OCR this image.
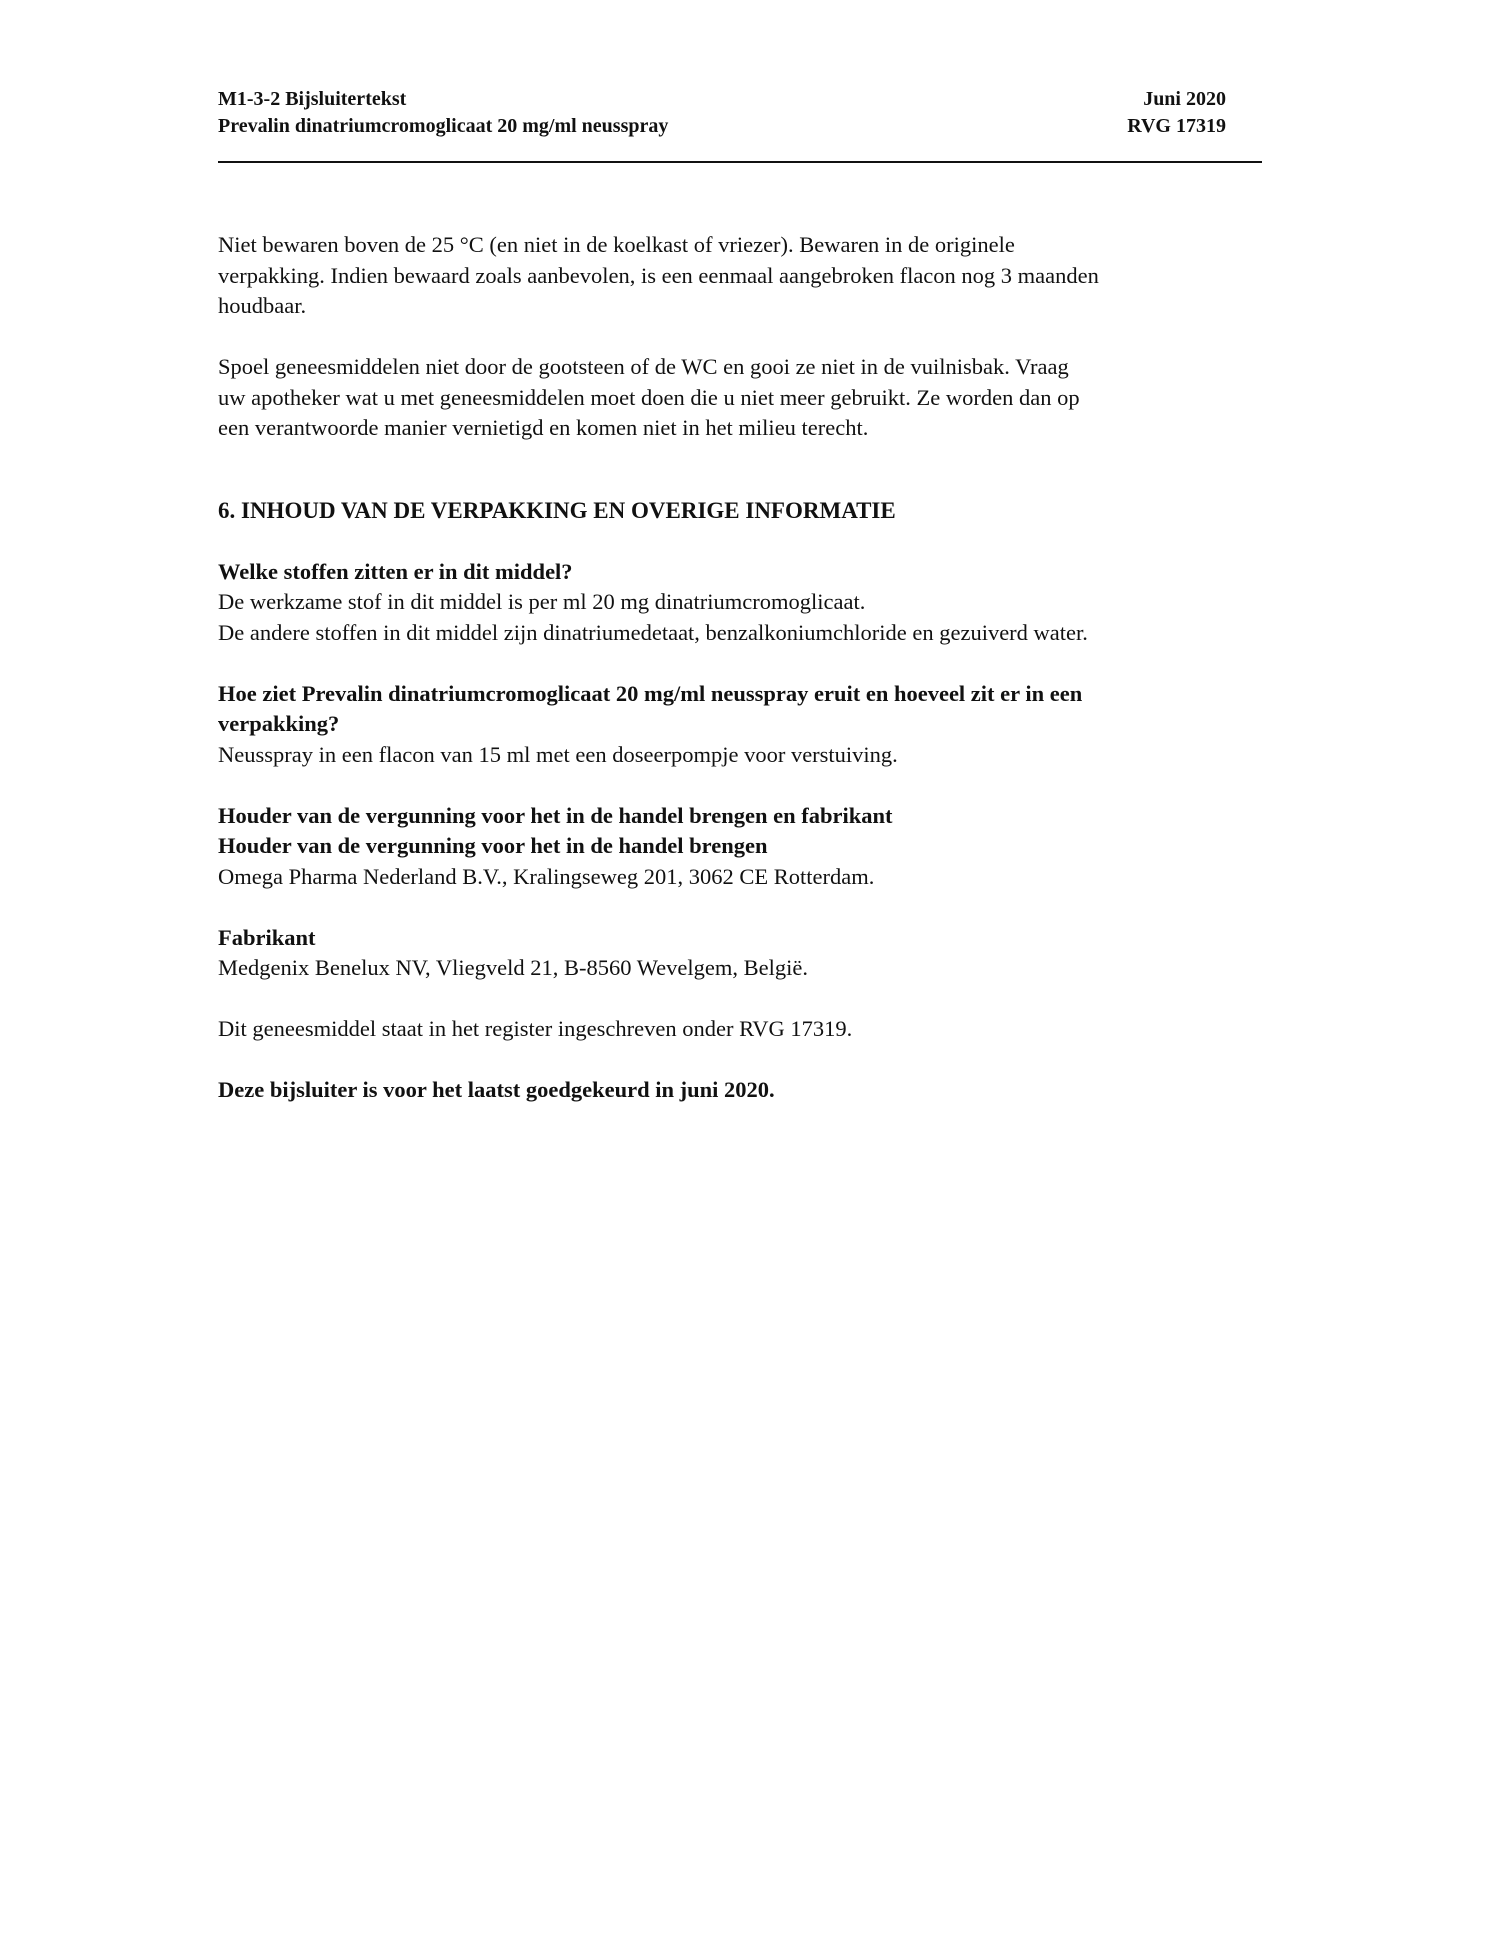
M1-3-2 Bijsluitertekst	Juni 2020
Prevalin dinatriumcromoglicaat 20 mg/ml neusspray	RVG 17319

Niet bewaren boven de 25 °C (en niet in de koelkast of vriezer). Bewaren in de originele

verpakking. Indien bewaard zoals aanbevolen, is een eenmaal aangebroken flacon nog 3 maanden

houdbaar.

Spoel geneesmiddelen niet door de gootsteen of de WC en gooi ze niet in de vuilnisbak. Vraag

uw apotheker wat u met geneesmiddelen moet doen die u niet meer gebruikt. Ze worden dan op

een verantwoorde manier vernietigd en komen niet in het milieu terecht.

6. INHOUD VAN DE VERPAKKING EN OVERIGE INFORMATIE

Welke stoffen zitten er in dit middel?

De werkzame stof in dit middel is per ml 20 mg dinatriumcromoglicaat.

De andere stoffen in dit middel zijn dinatriumedetaat, benzalkoniumchloride en gezuiverd water.

Hoe ziet Prevalin dinatriumcromoglicaat 20 mg/ml neusspray eruit en hoeveel zit er in een

verpakking?

Neusspray in een flacon van 15 ml met een doseerpompje voor verstuiving.

Houder van de vergunning voor het in de handel brengen en fabrikant

Houder van de vergunning voor het in de handel brengen

Omega Pharma Nederland B.V., Kralingseweg 201, 3062 CE Rotterdam.

Fabrikant

Medgenix Benelux NV, Vliegveld 21, B-8560 Wevelgem, België.

Dit geneesmiddel staat in het register ingeschreven onder RVG 17319.

Deze bijsluiter is voor het laatst goedgekeurd in juni 2020.
